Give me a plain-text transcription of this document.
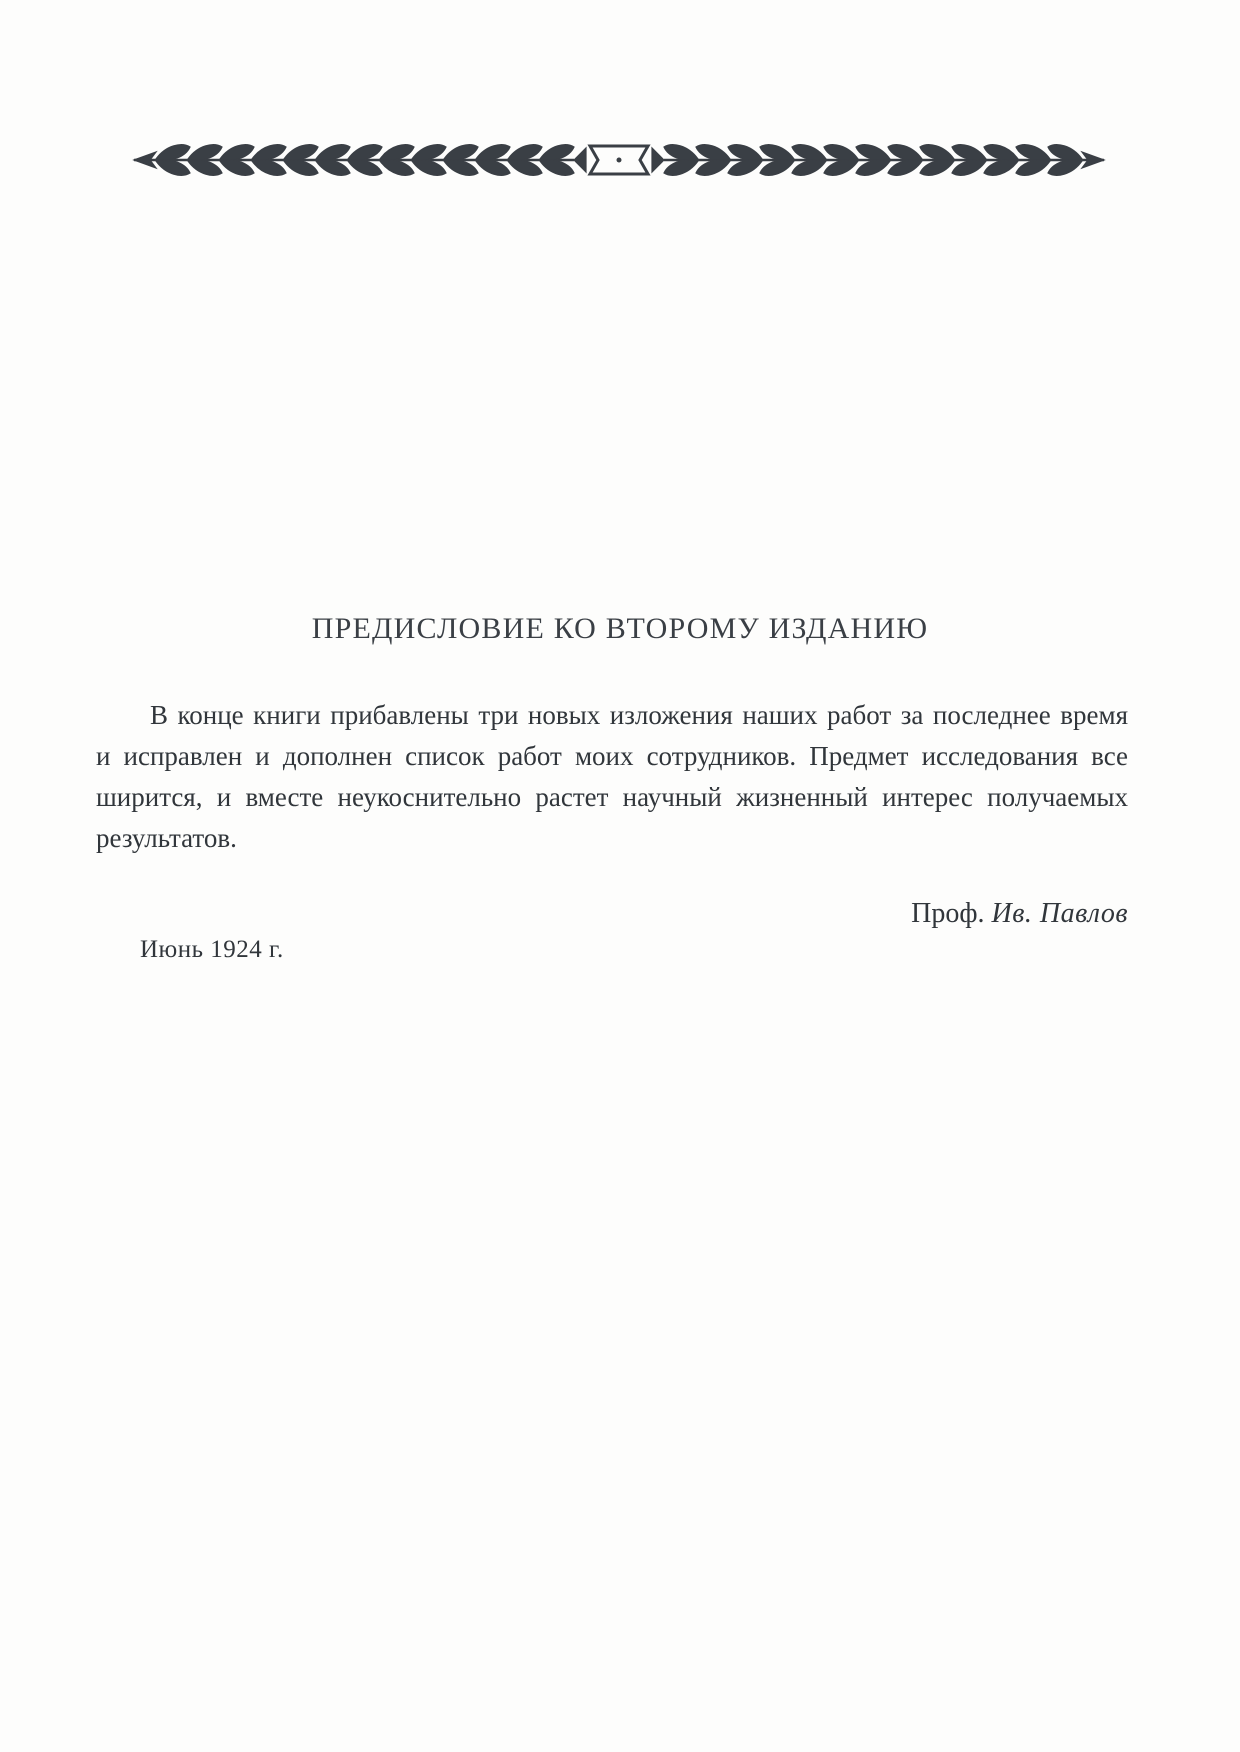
ПРЕДИСЛОВИЕ КО ВТОРОМУ ИЗДАНИЮ

В конце книги прибавлены три новых изложения наших работ за последнее время и исправлен и дополнен список работ моих сотрудников. Предмет исследования все ширится, и вместе неукоснительно растет научный жизненный интерес получаемых результатов.

Проф. Ив. Павлов
Июнь 1924 г.
